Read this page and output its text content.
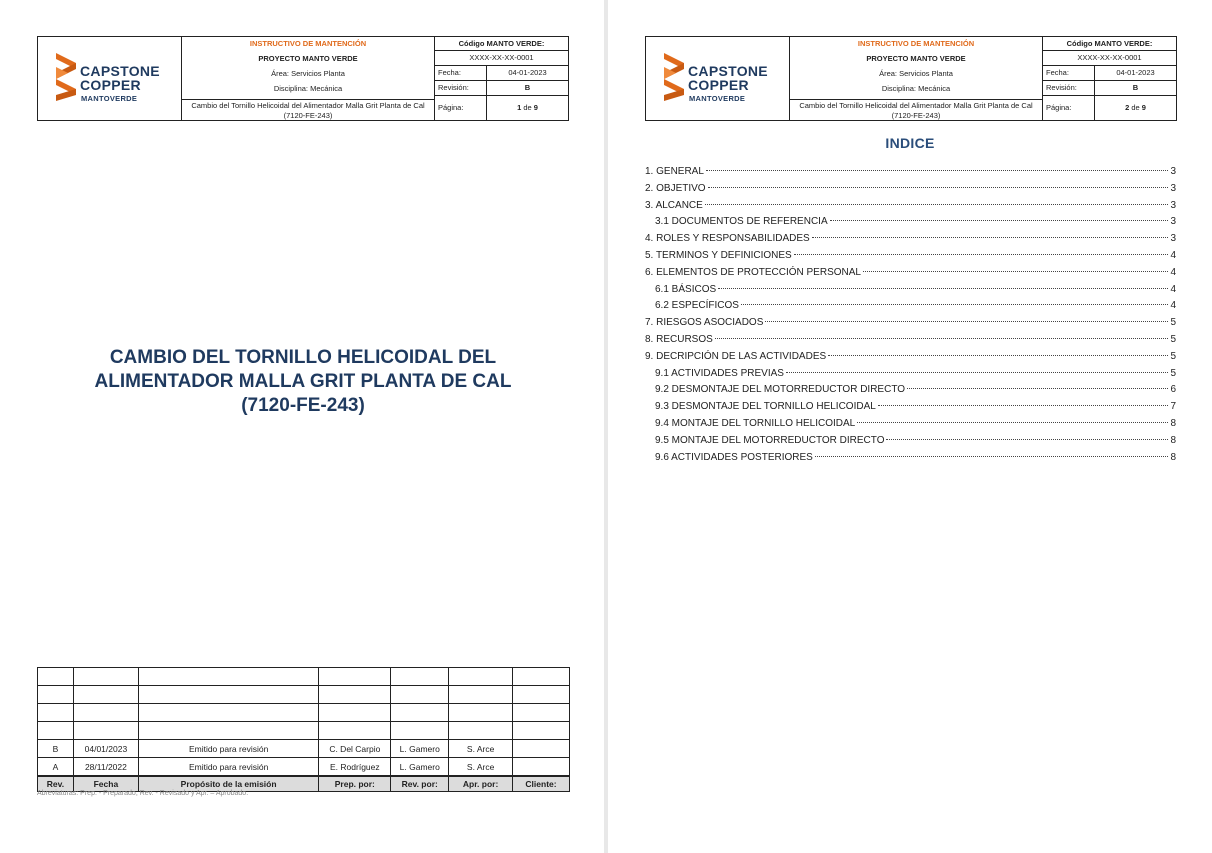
CAPSTONE
COPPER
MANTOVERDE
INSTRUCTIVO DE MANTENCIÓN
PROYECTO MANTO VERDE
Área: Servicios Planta
Disciplina: Mecánica
Cambio del Tornillo Helicoidal del Alimentador Malla Grit Planta de Cal (7120-FE-243)
Código MANTO VERDE:
XXXX-XX-XX-0001
Fecha:	04-01-2023
Revisión:	B
Página:	1 de 9
CAMBIO DEL TORNILLO HELICOIDAL DEL
ALIMENTADOR MALLA GRIT PLANTA DE CAL
(7120-FE-243)

B	04/01/2023	Emitido para revisión	C. Del Carpio	L. Gamero	S. Arce	
A	28/11/2022	Emitido para revisión	E. Rodríguez	L. Gamero	S. Arce	
Rev.	Fecha	Propósito de la emisión	Prep. por:	Rev. por:	Apr. por:	Cliente:
Abreviaturas: Prep. - Preparado, Rev. - Revisado y Apr. – Aprobado.
CAPSTONE
COPPER
MANTOVERDE
INSTRUCTIVO DE MANTENCIÓN
PROYECTO MANTO VERDE
Área: Servicios Planta
Disciplina: Mecánica
Cambio del Tornillo Helicoidal del Alimentador Malla Grit Planta de Cal (7120-FE-243)
Código MANTO VERDE:
XXXX-XX-XX-0001
Fecha:	04-01-2023
Revisión:	B
Página:	2 de 9
INDICE
1. GENERAL	3
2. OBJETIVO	3
3. ALCANCE	3
3.1 DOCUMENTOS DE REFERENCIA	3
4. ROLES Y RESPONSABILIDADES	3
5. TERMINOS Y DEFINICIONES	4
6. ELEMENTOS DE PROTECCIÓN PERSONAL	4
6.1 BÁSICOS	4
6.2 ESPECÍFICOS	4
7. RIESGOS ASOCIADOS	5
8. RECURSOS	5
9. DECRIPCIÓN DE LAS ACTIVIDADES	5
9.1 ACTIVIDADES PREVIAS	5
9.2 DESMONTAJE DEL MOTORREDUCTOR DIRECTO	6
9.3 DESMONTAJE DEL TORNILLO HELICOIDAL	7
9.4 MONTAJE DEL TORNILLO HELICOIDAL	8
9.5 MONTAJE DEL MOTORREDUCTOR DIRECTO	8
9.6 ACTIVIDADES POSTERIORES	8
